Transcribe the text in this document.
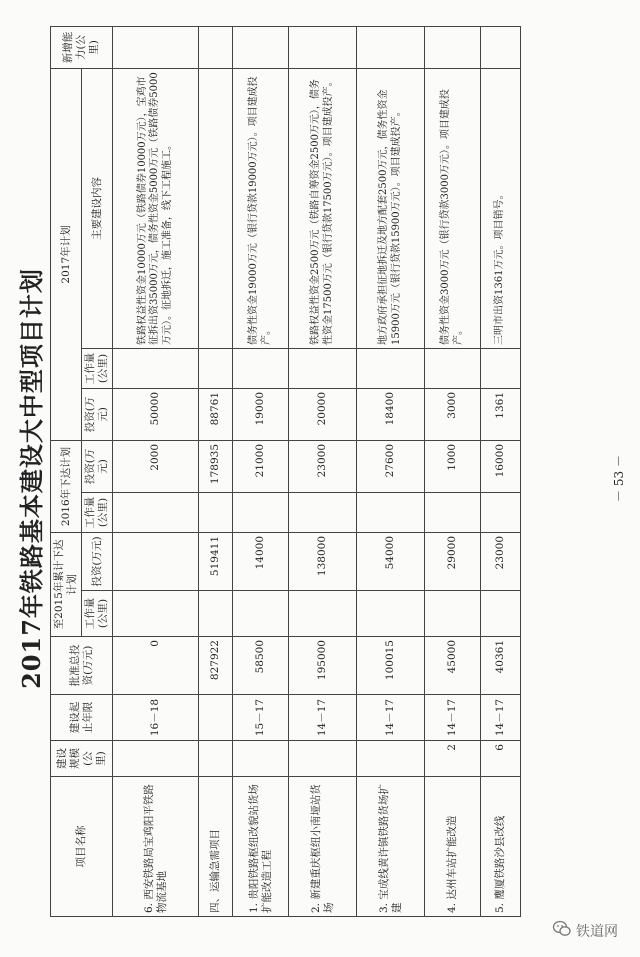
2017年铁路基本建设大中型项目计划
项目名称	建设规模(公里)	建设起止年限	批准总投资(万元)	至2015年累计下达计划		2016年下达计划		2017年计划			新增能力(公里)
				工作量(公里)	投资(万元)	工作量(公里)	投资(万元)	投资(万元)	工作量(公里)	主要建设内容	
6. 西安铁路局宝鸡阳平铁路物流基地		16－18	0				2000	50000		铁路权益性资金10000万元（铁路债券10000万元），宝鸡市征拆出资35000万元，债务性资金5000万元（铁路债券5000万元）。征地拆迁，施工准备，线下工程施工。	
四、运输急需项目			827922		519411		178935	88761			
1. 贵阳铁路枢纽改貌站货场扩能改造工程		15－17	58500		14000		21000	19000		债务性资金19000万元（银行贷款19000万元）。项目建成投产。	
2. 新建重庆枢纽小南垭站货场		14－17	195000		138000		23000	20000		铁路权益性资金2500万元（铁路自筹资金2500万元），债务性资金17500万元（银行贷款17500万元）。项目建成投产。	
3. 宝成线黄许镇铁路货场扩建		14－17	100015		54000		27600	18400		地方政府承担征地拆迁及地方配套2500万元，债务性资金15900万元（银行贷款15900万元）。项目建成投产。	
4. 达州车站扩能改造	2	14－17	45000		29000		1000	3000		债务性资金3000万元（银行贷款3000万元）。项目建成投产。	
5. 鹰厦铁路沙县改线	6	14－17	40361		23000		16000	1361		三明市出资1361万元。项目销号。	
－ 53 －
铁道网
